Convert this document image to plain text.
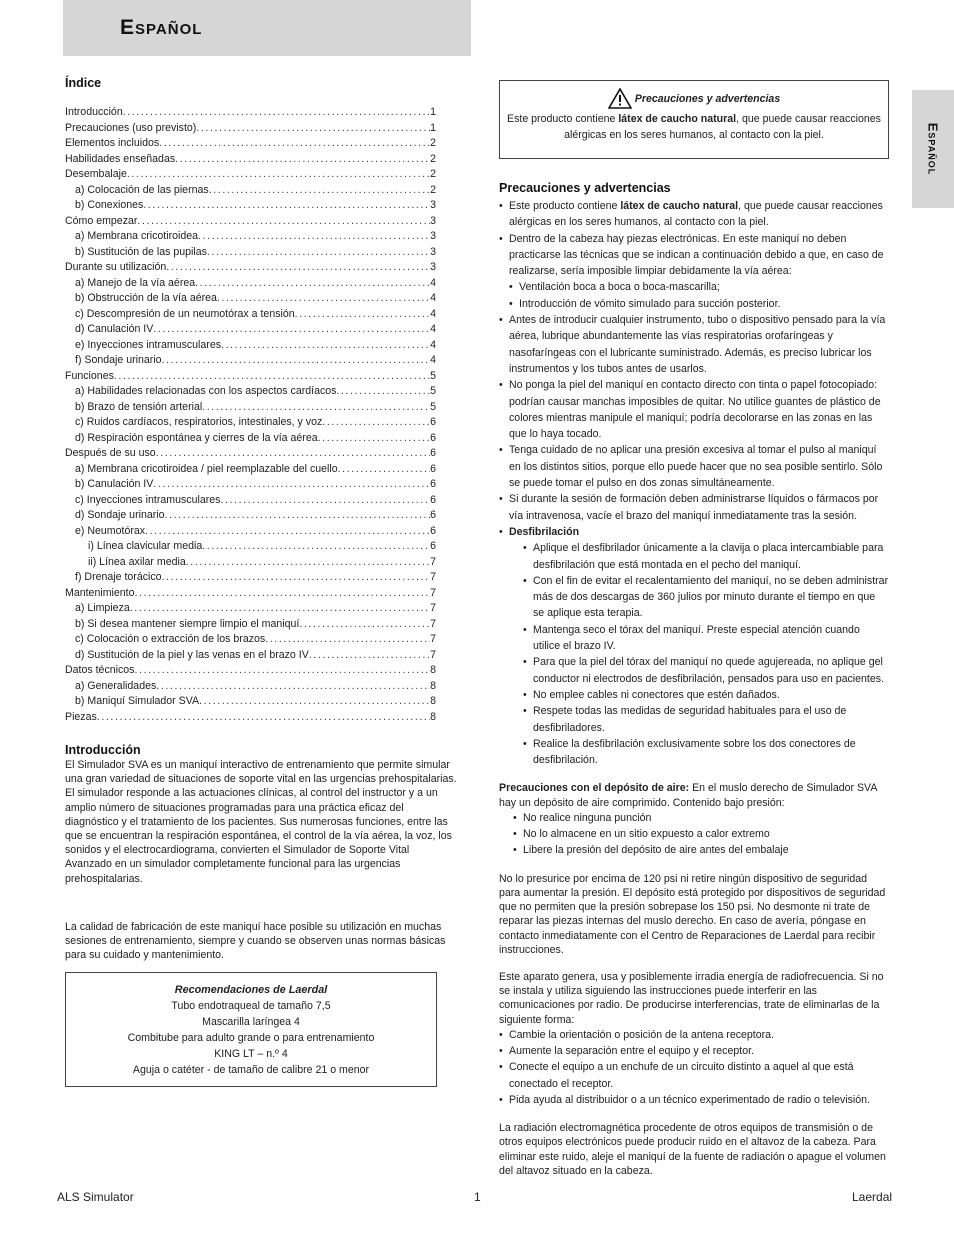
Español
Español
Índice
Introducción .....	1
Precauciones (uso previsto) .....	1
Elementos incluidos .....	2
Habilidades enseñadas .....	2
Desembalaje .....	2
a) Colocación de las piernas .....	2
b) Conexiones .....	3
Cómo empezar .....	3
a) Membrana cricotiroidea .....	3
b) Sustitución de las pupilas .....	3
Durante su utilización .....	3
a) Manejo de la vía aérea .....	4
b) Obstrucción de la vía aérea .....	4
c) Descompresión de un neumotórax a tensión .....	4
d) Canulación IV .....	4
e) Inyecciones intramusculares .....	4
f) Sondaje urinario .....	4
Funciones .....	5
a) Habilidades relacionadas con los aspectos cardíacos .....	5
b) Brazo de tensión arterial .....	5
c) Ruidos cardíacos, respiratorios, intestinales, y voz .....	6
d) Respiración espontánea y cierres de la vía aérea .....	6
Después de su uso .....	6
a) Membrana cricotiroidea / piel reemplazable del cuello .....	6
b) Canulación IV .....	6
c) Inyecciones intramusculares .....	6
d) Sondaje urinario .....	6
e) Neumotórax .....	6
i) Línea clavicular media .....	6
ii) Línea axilar media .....	7
f) Drenaje torácico .....	7
Mantenimiento .....	7
a) Limpieza .....	7
b) Si desea mantener siempre limpio el maniquí .....	7
c) Colocación o extracción de los brazos .....	7
d) Sustitución de la piel y las venas en el brazo IV .....	7
Datos técnicos .....	8
a) Generalidades .....	8
b) Maniquí Simulador SVA .....	8
Piezas .....	8
Introducción

El Simulador SVA es un maniquí interactivo de entrenamiento que permite simular una gran variedad de situaciones de soporte vital en las urgencias prehospitalarias. El simulador responde a las actuaciones clínicas, al control del instructor y a un amplio número de situaciones programadas para una práctica eficaz del diagnóstico y el tratamiento de los pacientes. Sus numerosas funciones, entre las que se encuentran la respiración espontánea, el control de la vía aérea, la voz, los sonidos y el electrocardiograma, convierten el Simulador de Soporte Vital Avanzado en un simulador completamente funcional para las urgencias prehospitalarias.

La calidad de fabricación de este maniquí hace posible su utilización en muchas sesiones de entrenamiento, siempre y cuando se observen unas normas básicas para su cuidado y mantenimiento.

Recomendaciones de Laerdal
Tubo endotraqueal de tamaño 7,5
Mascarilla laríngea 4
Combitube para adulto grande o para entrenamiento
KING LT – n.º 4
Aguja o catéter - de tamaño de calibre 21 o menor
Precauciones y advertencias

Este producto contiene látex de caucho natural, que puede causar reacciones alérgicas en los seres humanos, al contacto con la piel.

Precauciones y advertencias
• Este producto contiene látex de caucho natural, que puede causar reacciones alérgicas en los seres humanos, al contacto con la piel.
• Dentro de la cabeza hay piezas electrónicas. En este maniquí no deben practicarse las técnicas que se indican a continuación debido a que, en caso de realizarse, sería imposible limpiar debidamente la vía aérea:
• Ventilación boca a boca o boca-mascarilla;
• Introducción de vómito simulado para succión posterior.
• Antes de introducir cualquier instrumento, tubo o dispositivo pensado para la vía aérea, lubrique abundantemente las vías respiratorias orofaríngeas y nasofaríngeas con el lubricante suministrado. Además, es preciso lubricar los instrumentos y los tubos antes de usarlos.
• No ponga la piel del maniquí en contacto directo con tinta o papel fotocopiado: podrían causar manchas imposibles de quitar. No utilice guantes de plástico de colores mientras manipule el maniquí; podría decolorarse en las zonas en las que lo haya tocado.
• Tenga cuidado de no aplicar una presión excesiva al tomar el pulso al maniquí en los distintos sitios, porque ello puede hacer que no sea posible sentirlo. Sólo se puede tomar el pulso en dos zonas simultáneamente.
• Si durante la sesión de formación deben administrarse líquidos o fármacos por vía intravenosa, vacíe el brazo del maniquí inmediatamente tras la sesión.
• Desfibrilación
• Aplique el desfibrilador únicamente a la clavija o placa intercambiable para desfibrilación que está montada en el pecho del maniquí.
• Con el fin de evitar el recalentamiento del maniquí, no se deben administrar más de dos descargas de 360 julios por minuto durante el tiempo en que se aplique esta terapia.
• Mantenga seco el tórax del maniquí. Preste especial atención cuando utilice el brazo IV.
• Para que la piel del tórax del maniquí no quede agujereada, no aplique gel conductor ni electrodos de desfibrilación, pensados para uso en pacientes.
• No emplee cables ni conectores que estén dañados.
• Respete todas las medidas de seguridad habituales para el uso de desfibriladores.
• Realice la desfibrilación exclusivamente sobre los dos conectores de desfibrilación.

Precauciones con el depósito de aire: En el muslo derecho de Simulador SVA hay un depósito de aire comprimido. Contenido bajo presión:

• No realice ninguna punción
• No lo almacene en un sitio expuesto a calor extremo
• Libere la presión del depósito de aire antes del embalaje

No lo presurice por encima de 120 psi ni retire ningún dispositivo de seguridad para aumentar la presión. El depósito está protegido por dispositivos de seguridad que no permiten que la presión sobrepase los 150 psi. No desmonte ni trate de reparar las piezas internas del muslo derecho. En caso de avería, póngase en contacto inmediatamente con el Centro de Reparaciones de Laerdal para recibir instrucciones.

Este aparato genera, usa y posiblemente irradia energía de radiofrecuencia. Si no se instala y utiliza siguiendo las instrucciones puede interferir en las comunicaciones por radio. De producirse interferencias, trate de eliminarlas de la siguiente forma:

• Cambie la orientación o posición de la antena receptora.
• Aumente la separación entre el equipo y el receptor.
• Conecte el equipo a un enchufe de un circuito distinto a aquel al que está conectado el receptor.
• Pida ayuda al distribuidor o a un técnico experimentado de radio o televisión.

La radiación electromagnética procedente de otros equipos de transmisión o de otros equipos electrónicos puede producir ruido en el altavoz de la cabeza. Para eliminar este ruido, aleje el maniquí de la fuente de radiación o apague el volumen del altavoz situado en la cabeza.

ALS Simulator	1	Laerdal
